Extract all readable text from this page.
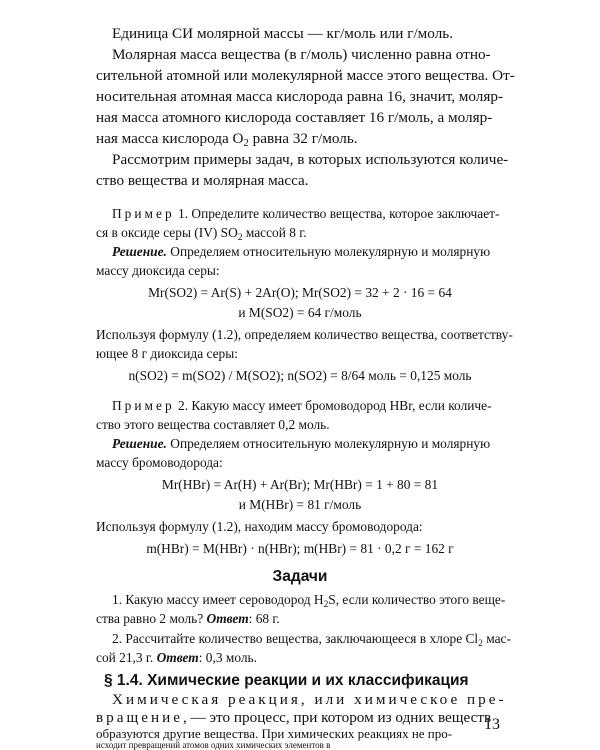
Единица СИ молярной массы — кг/моль или г/моль.
Молярная масса вещества (в г/моль) численно равна отно-
сительной атомной или молекулярной массе этого вещества. От-
носительная атомная масса кислорода равна 16, значит, моляр-
ная масса атомного кислорода составляет 16 г/моль, а моляр-
ная масса кислорода $O_2$ равна 32 г/моль.
Рассмотрим примеры задач, в которых используются количе-
ство вещества и молярная масса.
Пример 1. Определите количество вещества, которое заключает-
ся в оксиде серы (IV) $SO_2$ массой 8 г.
Решение. Определяем относительную молекулярную и молярную
массу диоксида серы:
Mr(SO2) = Ar(S) + 2Ar(O); Mr(SO2) = 32 + 2 · 16 = 64
и M(SO2) = 64 г/моль
Используя формулу (1.2), определяем количество вещества, соответству-
ющее 8 г диоксида серы:
n(SO2) = m(SO2) / M(SO2); n(SO2) = 8/64 моль = 0,125 моль
Пример 2. Какую массу имеет бромоводород HBr, если количе-
ство этого вещества составляет 0,2 моль.
Решение. Определяем относительную молекулярную и молярную
массу бромоводорода:
Mr(HBr) = Ar(H) + Ar(Br); Mr(HBr) = 1 + 80 = 81
и M(HBr) = 81 г/моль
Используя формулу (1.2), находим массу бромоводорода:
m(HBr) = M(HBr) · n(HBr); m(HBr) = 81 · 0,2 г = 162 г
Задачи
1. Какую массу имеет сероводород $H_2S$, если количество этого веще-
ства равно 2 моль? Ответ: 68 г.
2. Рассчитайте количество вещества, заключающееся в хлоре $Cl_2$ мас-
сой 21,3 г. Ответ: 0,3 моль.
§ 1.4. Химические реакции и их классификация
Химическая реакция, или химическое пре-
вращение, — это процесс, при котором из одних веществ
образуются другие вещества. При химических реакциях не про-
исходит превращений атомов одних химических элементов в
13
